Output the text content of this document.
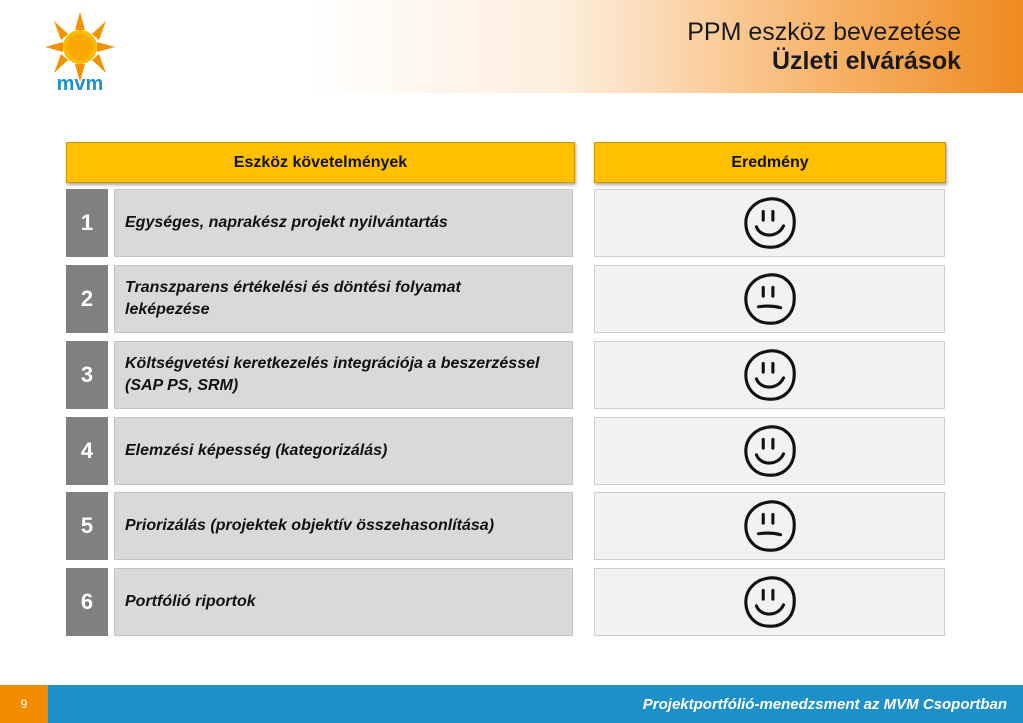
mvm
PPM eszköz bevezetése
Üzleti elvárások
Eszköz követelmények	Eredmény
1	Egységes, naprakész projekt nyilvántartás
2	Transzparens értékelési és döntési folyamat leképezése
3	Költségvetési keretkezelés integrációja a beszerzéssel (SAP PS, SRM)
4	Elemzési képesség (kategorizálás)
5	Priorizálás (projektek objektív összehasonlítása)
6	Portfólió riportok
9	Projektportfólió-menedzsment az MVM Csoportban
